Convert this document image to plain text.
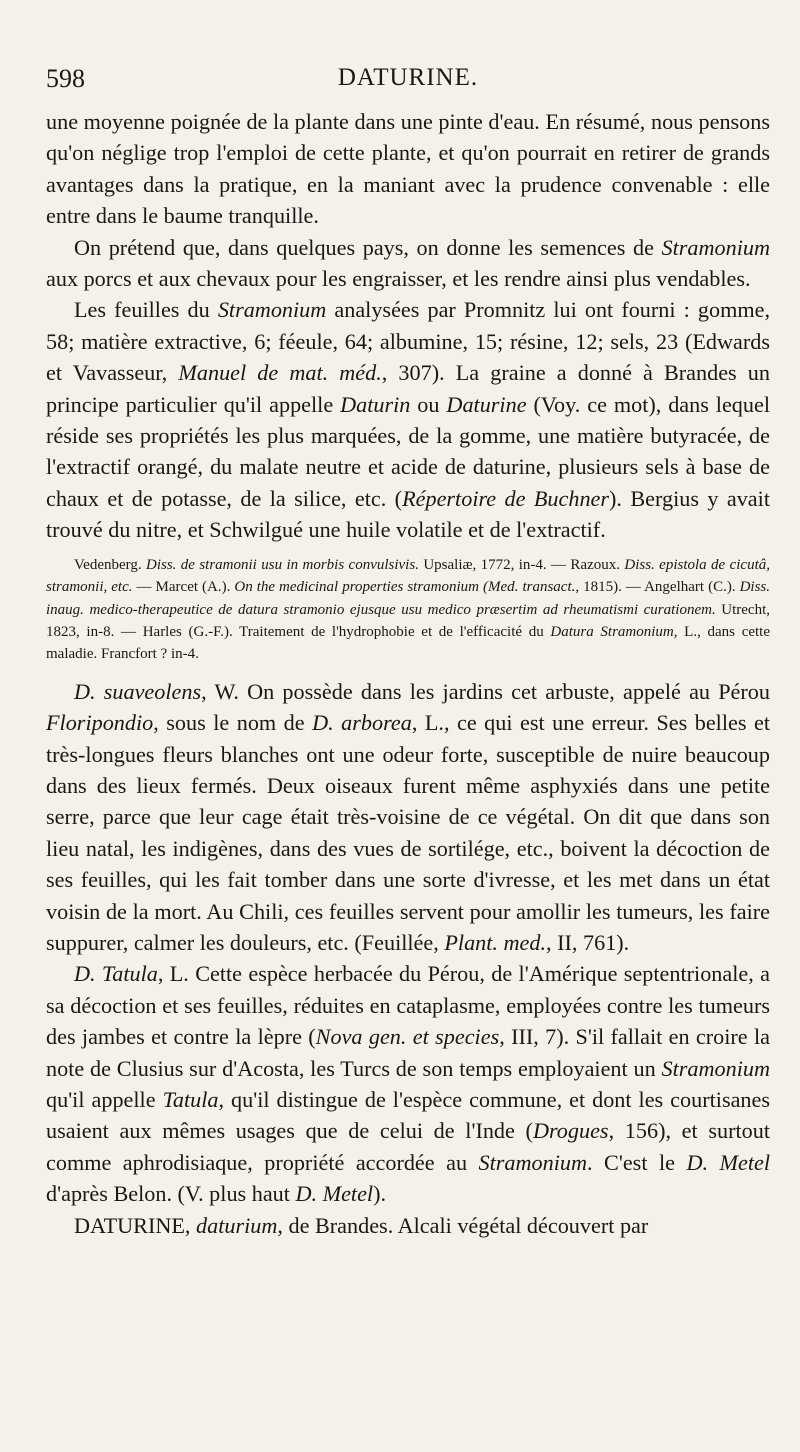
598	DATURINE.

une moyenne poignée de la plante dans une pinte d'eau. En résumé, nous pensons qu'on néglige trop l'emploi de cette plante, et qu'on pourrait en retirer de grands avantages dans la pratique, en la maniant avec la prudence convenable : elle entre dans le baume tranquille.

On prétend que, dans quelques pays, on donne les semences de Stramonium aux porcs et aux chevaux pour les engraisser, et les rendre ainsi plus vendables.

Les feuilles du Stramonium analysées par Promnitz lui ont fourni : gomme, 58; matière extractive, 6; féeule, 64; albumine, 15; résine, 12; sels, 23 (Edwards et Vavasseur, Manuel de mat. méd., 307). La graine a donné à Brandes un principe particulier qu'il appelle Daturin ou Daturine (Voy. ce mot), dans lequel réside ses propriétés les plus marquées, de la gomme, une matière butyracée, de l'extractif orangé, du malate neutre et acide de daturine, plusieurs sels à base de chaux et de potasse, de la silice, etc. (Répertoire de Buchner). Bergius y avait trouvé du nitre, et Schwilgué une huile volatile et de l'extractif.

Vedenberg. Diss. de stramonii usu in morbis convulsivis. Upsaliæ, 1772, in-4. — Razoux. Diss. epistola de cicutâ, stramonii, etc. — Marcet (A.). On the medicinal properties stramonium (Med. transact., 1815). — Angelhart (C.). Diss. inaug. medico-therapeutice de datura stramonio ejusque usu medico præsertim ad rheumatismi curationem. Utrecht, 1823, in-8. — Harles (G.-F.). Traitement de l'hydrophobie et de l'efficacité du Datura Stramonium, L., dans cette maladie. Francfort ? in-4.

D. suaveolens, W. On possède dans les jardins cet arbuste, appelé au Pérou Floripondio, sous le nom de D. arborea, L., ce qui est une erreur. Ses belles et très-longues fleurs blanches ont une odeur forte, susceptible de nuire beaucoup dans des lieux fermés. Deux oiseaux furent même asphyxiés dans une petite serre, parce que leur cage était très-voisine de ce végétal. On dit que dans son lieu natal, les indigènes, dans des vues de sortilége, etc., boivent la décoction de ses feuilles, qui les fait tomber dans une sorte d'ivresse, et les met dans un état voisin de la mort. Au Chili, ces feuilles servent pour amollir les tumeurs, les faire suppurer, calmer les douleurs, etc. (Feuillée, Plant. med., II, 761).

D. Tatula, L. Cette espèce herbacée du Pérou, de l'Amérique septentrionale, a sa décoction et ses feuilles, réduites en cataplasme, employées contre les tumeurs des jambes et contre la lèpre (Nova gen. et species, III, 7). S'il fallait en croire la note de Clusius sur d'Acosta, les Turcs de son temps employaient un Stramonium qu'il appelle Tatula, qu'il distingue de l'espèce commune, et dont les courtisanes usaient aux mêmes usages que de celui de l'Inde (Drogues, 156), et surtout comme aphrodisiaque, propriété accordée au Stramonium. C'est le D. Metel d'après Belon. (V. plus haut D. Metel).

DATURINE, daturium, de Brandes. Alcali végétal découvert par
